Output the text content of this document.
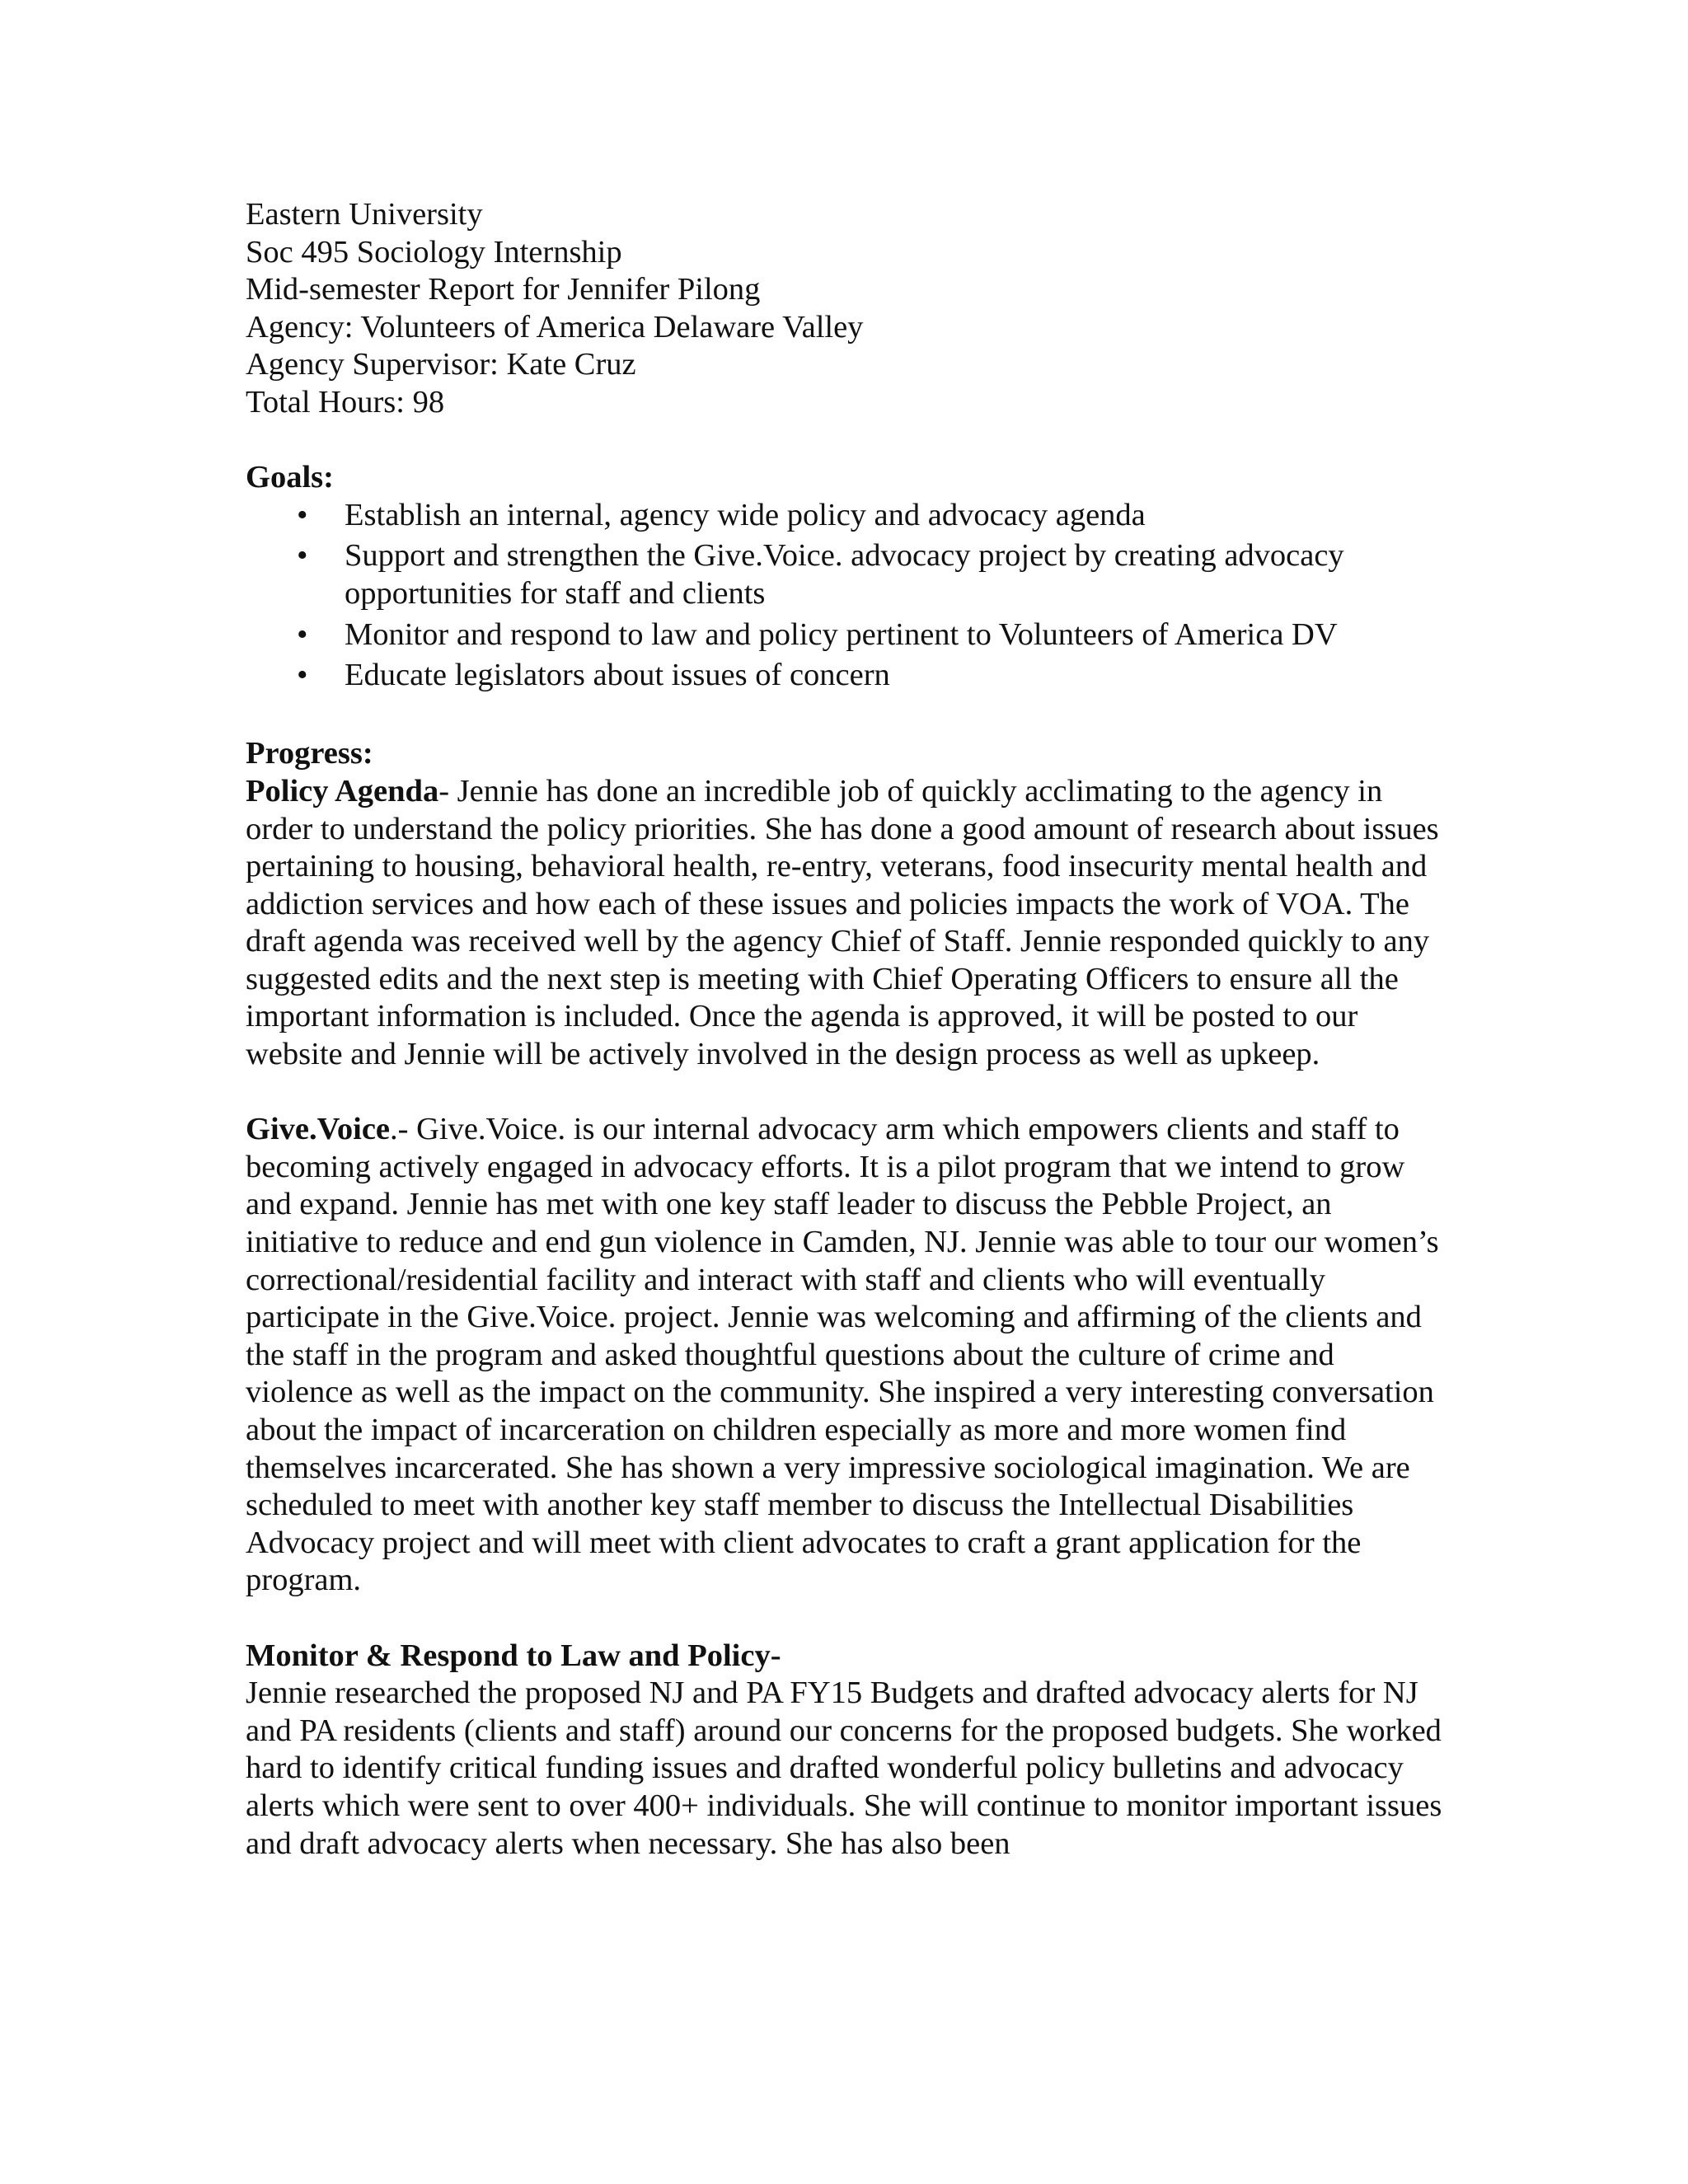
Eastern University
Soc 495 Sociology Internship
Mid-semester Report for Jennifer Pilong
Agency: Volunteers of America Delaware Valley
Agency Supervisor: Kate Cruz
Total Hours: 98
Goals:
• Establish an internal, agency wide policy and advocacy agenda
• Support and strengthen the Give.Voice. advocacy project by creating advocacy opportunities for staff and clients
• Monitor and respond to law and policy pertinent to Volunteers of America DV
• Educate legislators about issues of concern
Progress:

Policy Agenda- Jennie has done an incredible job of quickly acclimating to the agency in order to understand the policy priorities. She has done a good amount of research about issues pertaining to housing, behavioral health, re-entry, veterans, food insecurity mental health and addiction services and how each of these issues and policies impacts the work of VOA. The draft agenda was received well by the agency Chief of Staff. Jennie responded quickly to any suggested edits and the next step is meeting with Chief Operating Officers to ensure all the important information is included. Once the agenda is approved, it will be posted to our website and Jennie will be actively involved in the design process as well as upkeep.

Give.Voice.- Give.Voice. is our internal advocacy arm which empowers clients and staff to becoming actively engaged in advocacy efforts. It is a pilot program that we intend to grow and expand. Jennie has met with one key staff leader to discuss the Pebble Project, an initiative to reduce and end gun violence in Camden, NJ. Jennie was able to tour our women’s correctional/residential facility and interact with staff and clients who will eventually participate in the Give.Voice. project. Jennie was welcoming and affirming of the clients and the staff in the program and asked thoughtful questions about the culture of crime and violence as well as the impact on the community. She inspired a very interesting conversation about the impact of incarceration on children especially as more and more women find themselves incarcerated. She has shown a very impressive sociological imagination. We are scheduled to meet with another key staff member to discuss the Intellectual Disabilities Advocacy project and will meet with client advocates to craft a grant application for the program.

Monitor & Respond to Law and Policy-

Jennie researched the proposed NJ and PA FY15 Budgets and drafted advocacy alerts for NJ and PA residents (clients and staff) around our concerns for the proposed budgets. She worked hard to identify critical funding issues and drafted wonderful policy bulletins and advocacy alerts which were sent to over 400+ individuals. She will continue to monitor important issues and draft advocacy alerts when necessary. She has also been
